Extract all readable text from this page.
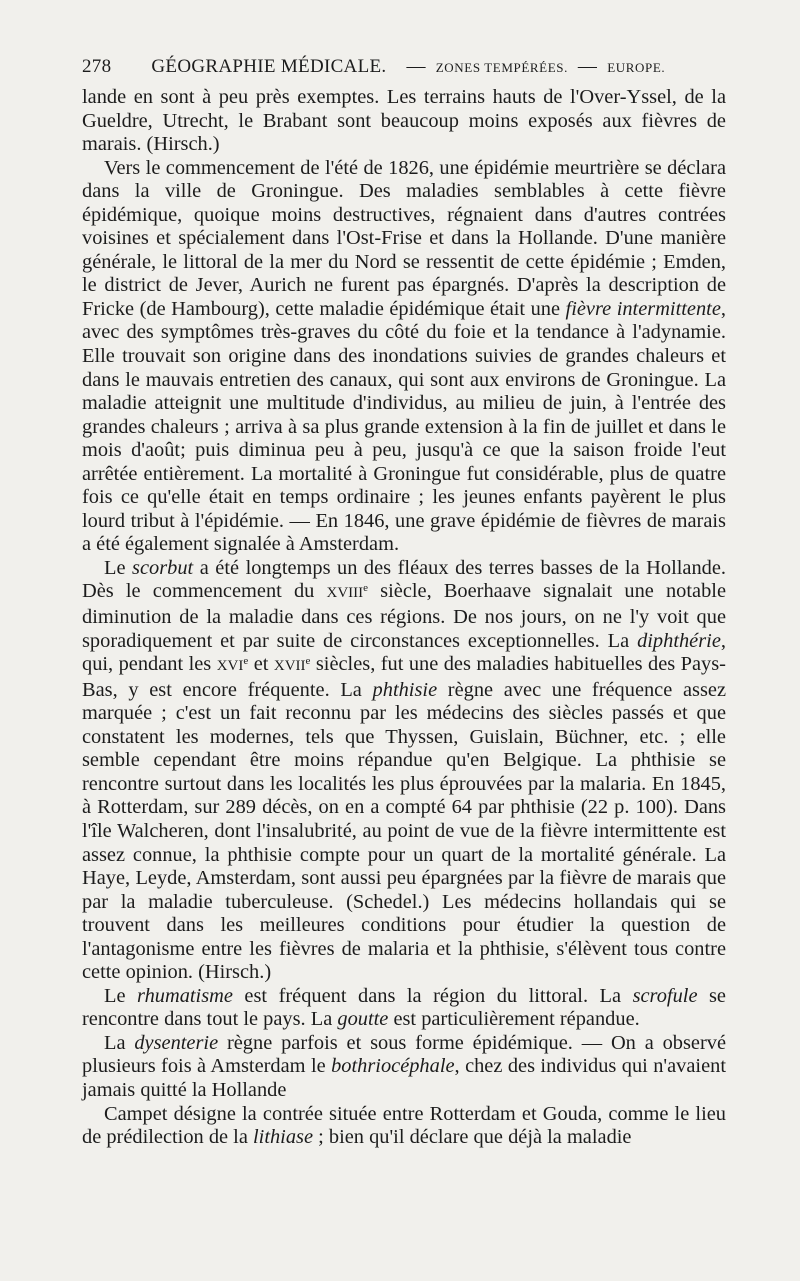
278 GÉOGRAPHIE MÉDICALE. — ZONES TEMPÉRÉES. — EUROPE.

lande en sont à peu près exemptes. Les terrains hauts de l'Over-Yssel, de la Gueldre, Utrecht, le Brabant sont beaucoup moins exposés aux fièvres de marais. (Hirsch.)

Vers le commencement de l'été de 1826, une épidémie meurtrière se déclara dans la ville de Groningue. Des maladies semblables à cette fièvre épidémique, quoique moins destructives, régnaient dans d'autres contrées voisines et spécialement dans l'Ost-Frise et dans la Hollande. D'une manière générale, le littoral de la mer du Nord se ressentit de cette épidémie ; Emden, le district de Jever, Aurich ne furent pas épargnés. D'après la description de Fricke (de Hambourg), cette maladie épidémique était une fièvre intermittente, avec des symptômes très-graves du côté du foie et la tendance à l'adynamie. Elle trouvait son origine dans des inondations suivies de grandes chaleurs et dans le mauvais entretien des canaux, qui sont aux environs de Groningue. La maladie atteignit une multitude d'individus, au milieu de juin, à l'entrée des grandes chaleurs ; arriva à sa plus grande extension à la fin de juillet et dans le mois d'août; puis diminua peu à peu, jusqu'à ce que la saison froide l'eut arrêtée entièrement. La mortalité à Groningue fut considérable, plus de quatre fois ce qu'elle était en temps ordinaire ; les jeunes enfants payèrent le plus lourd tribut à l'épidémie. — En 1846, une grave épidémie de fièvres de marais a été également signalée à Amsterdam.

Le scorbut a été longtemps un des fléaux des terres basses de la Hollande. Dès le commencement du XVIIIe siècle, Boerhaave signalait une notable diminution de la maladie dans ces régions. De nos jours, on ne l'y voit que sporadiquement et par suite de circonstances exceptionnelles. La diphthérie, qui, pendant les XVIe et XVIIe siècles, fut une des maladies habituelles des Pays-Bas, y est encore fréquente. La phthisie règne avec une fréquence assez marquée ; c'est un fait reconnu par les médecins des siècles passés et que constatent les modernes, tels que Thyssen, Guislain, Büchner, etc. ; elle semble cependant être moins répandue qu'en Belgique. La phthisie se rencontre surtout dans les localités les plus éprouvées par la malaria. En 1845, à Rotterdam, sur 289 décès, on en a compté 64 par phthisie (22 p. 100). Dans l'île Walcheren, dont l'insalubrité, au point de vue de la fièvre intermittente est assez connue, la phthisie compte pour un quart de la mortalité générale. La Haye, Leyde, Amsterdam, sont aussi peu épargnées par la fièvre de marais que par la maladie tuberculeuse. (Schedel.) Les médecins hollandais qui se trouvent dans les meilleures conditions pour étudier la question de l'antagonisme entre les fièvres de malaria et la phthisie, s'élèvent tous contre cette opinion. (Hirsch.)

Le rhumatisme est fréquent dans la région du littoral. La scrofule se rencontre dans tout le pays. La goutte est particulièrement répandue.

La dysenterie règne parfois et sous forme épidémique. — On a observé plusieurs fois à Amsterdam le bothriocéphale, chez des individus qui n'avaient jamais quitté la Hollande

Campet désigne la contrée située entre Rotterdam et Gouda, comme le lieu de prédilection de la lithiase ; bien qu'il déclare que déjà la maladie
